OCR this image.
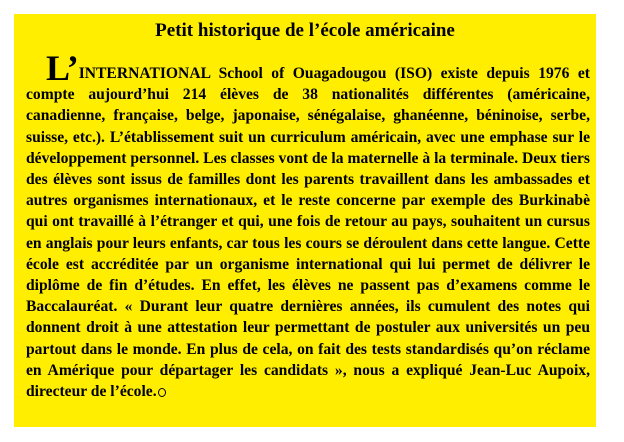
Petit historique de l’école américaine

L’INTERNATIONAL School of Ouagadougou (ISO) existe depuis 1976 et compte aujourd’hui 214 élèves de 38 nationalités différentes (américaine, canadienne, française, belge, japonaise, sénégalaise, ghanéenne, béninoise, serbe, suisse, etc.). L’établissement suit un curriculum américain, avec une emphase sur le développement personnel. Les classes vont de la maternelle à la terminale. Deux tiers des élèves sont issus de familles dont les parents travaillent dans les ambassades et autres organismes internationaux, et le reste concerne par exemple des Burkinabè qui ont travaillé à l’étranger et qui, une fois de retour au pays, souhaitent un cursus en anglais pour leurs enfants, car tous les cours se déroulent dans cette langue. Cette école est accréditée par un organisme international qui lui permet de délivrer le diplôme de fin d’études. En effet, les élèves ne passent pas d’examens comme le Baccalauréat. « Durant leur quatre dernières années, ils cumulent des notes qui donnent droit à une attestation leur permettant de postuler aux universités un peu partout dans le monde. En plus de cela, on fait des tests standardisés qu’on réclame en Amérique pour départager les candidats », nous a expliqué Jean-Luc Aupoix, directeur de l’école.
